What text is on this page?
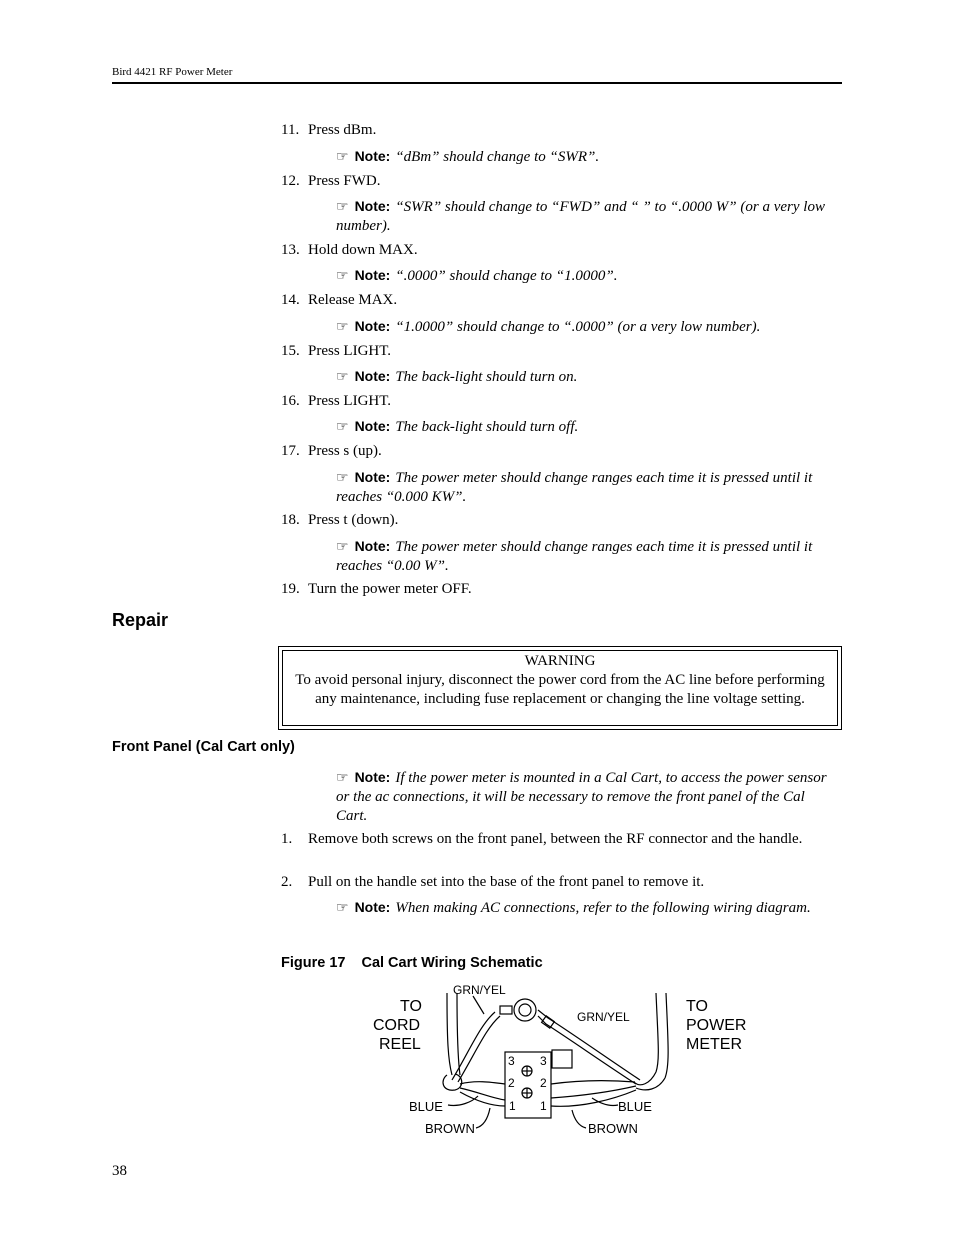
Bird 4421 RF Power Meter
11. Press dBm.
☞ Note: “dBm” should change to “SWR”.
12. Press FWD.
☞ Note: “SWR” should change to “FWD” and “ ” to “.0000 W” (or a very low number).
13. Hold down MAX.
☞ Note: “.0000” should change to “1.0000”.
14. Release MAX.
☞ Note: “1.0000” should change to “.0000” (or a very low number).
15. Press LIGHT.
☞ Note: The back-light should turn on.
16. Press LIGHT.
☞ Note: The back-light should turn off.
17. Press s (up).
☞ Note: The power meter should change ranges each time it is pressed until it reaches “0.000 KW”.
18. Press t (down).
☞ Note: The power meter should change ranges each time it is pressed until it reaches “0.00 W”.
19. Turn the power meter OFF.
Repair
WARNING
To avoid personal injury, disconnect the power cord from the AC line before performing any maintenance, including fuse replacement or changing the line voltage setting.
Front Panel (Cal Cart only)
☞ Note: If the power meter is mounted in a Cal Cart, to access the power sensor or the ac connections, it will be necessary to remove the front panel of the Cal Cart.
1. Remove both screws on the front panel, between the RF connector and the handle.
2. Pull on the handle set into the base of the front panel to remove it.
☞ Note: When making AC connections, refer to the following wiring diagram.
Figure 17 Cal Cart Wiring Schematic
TO
CORD
REEL
TO
POWER
METER
GRN/YEL
GRN/YEL
BLUE	BLUE
BROWN	BROWN
3 3
2 2
1 1
38
